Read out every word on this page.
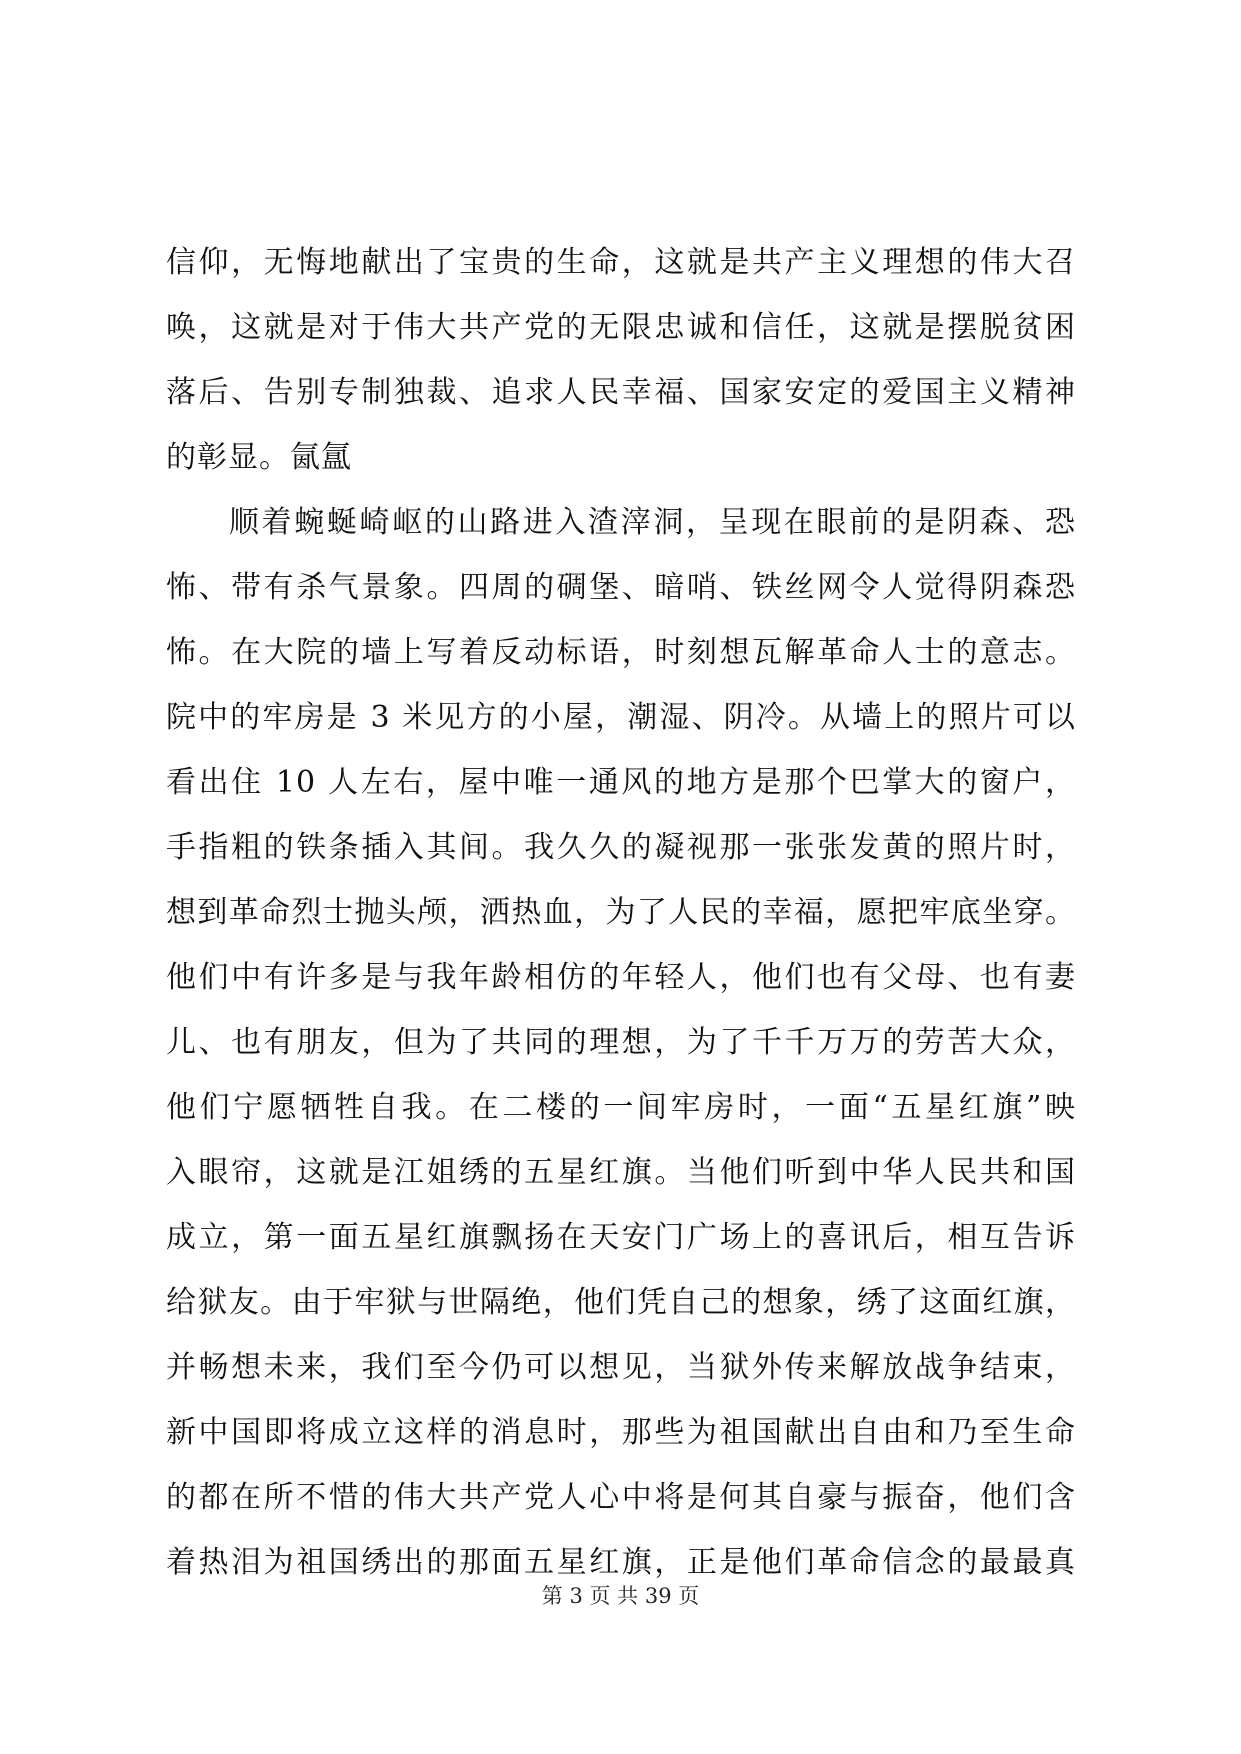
信仰，无悔地献出了宝贵的生命，这就是共产主义理想的伟大召
唤，这就是对于伟大共产党的无限忠诚和信任，这就是摆脱贫困
落后、告别专制独裁、追求人民幸福、国家安定的爱国主义精神
的彰显。氤氲
顺着蜿蜒崎岖的山路进入渣滓洞，呈现在眼前的是阴森、恐
怖、带有杀气景象。四周的碉堡、暗哨、铁丝网令人觉得阴森恐
怖。在大院的墙上写着反动标语，时刻想瓦解革命人士的意志。
院中的牢房是 3 米见方的小屋，潮湿、阴冷。从墙上的照片可以
看出住 10 人左右，屋中唯一通风的地方是那个巴掌大的窗户，
手指粗的铁条插入其间。我久久的凝视那一张张发黄的照片时，
想到革命烈士抛头颅，洒热血，为了人民的幸福，愿把牢底坐穿。
他们中有许多是与我年龄相仿的年轻人，他们也有父母、也有妻
儿、也有朋友，但为了共同的理想，为了千千万万的劳苦大众，
他们宁愿牺牲自我。在二楼的一间牢房时，一面“五星红旗”映
入眼帘，这就是江姐绣的五星红旗。当他们听到中华人民共和国
成立，第一面五星红旗飘扬在天安门广场上的喜讯后，相互告诉
给狱友。由于牢狱与世隔绝，他们凭自己的想象，绣了这面红旗，
并畅想未来，我们至今仍可以想见，当狱外传来解放战争结束，
新中国即将成立这样的消息时，那些为祖国献出自由和乃至生命
的都在所不惜的伟大共产党人心中将是何其自豪与振奋，他们含
着热泪为祖国绣出的那面五星红旗，正是他们革命信念的最最真
第 3 页 共 39 页
